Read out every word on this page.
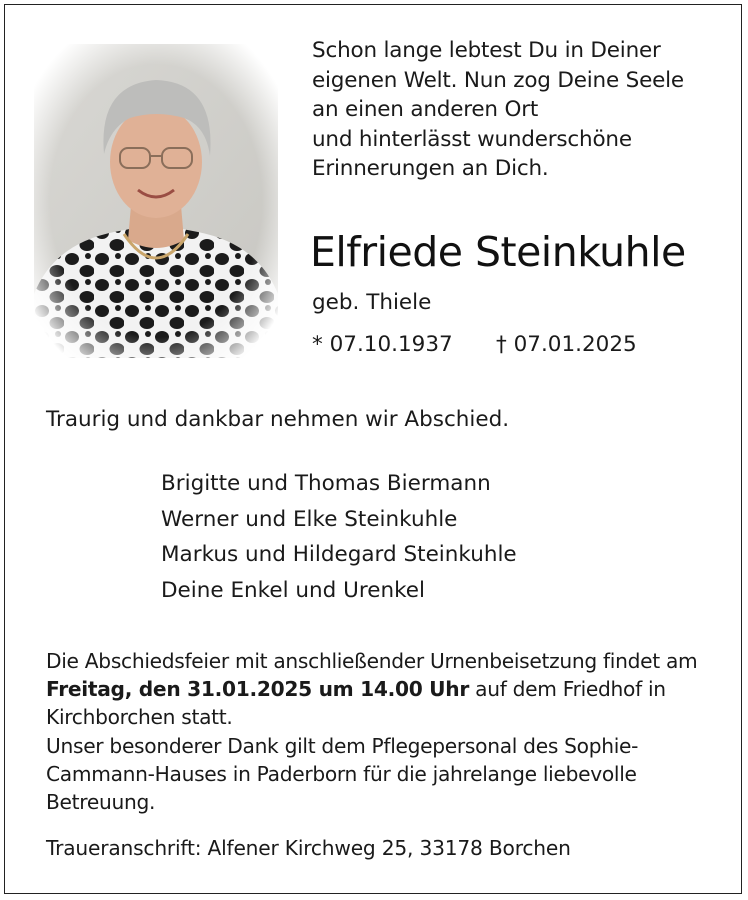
Schon lange lebtest Du in Deiner
eigenen Welt. Nun zog Deine Seele
an einen anderen Ort
und hinterlässt wunderschöne
Erinnerungen an Dich.
Elfriede Steinkuhle
geb. Thiele
* 07.10.1937 † 07.01.2025
Traurig und dankbar nehmen wir Abschied.
Brigitte und Thomas Biermann
Werner und Elke Steinkuhle
Markus und Hildegard Steinkuhle
Deine Enkel und Urenkel

Die Abschiedsfeier mit anschließender Urnenbeisetzung findet am Freitag, den 31.01.2025 um 14.00 Uhr auf dem Friedhof in Kirchborchen statt.

Unser besonderer Dank gilt dem Pflegepersonal des Sophie-Cammann-Hauses in Paderborn für die jahrelange liebevolle Betreuung.

Traueranschrift: Alfener Kirchweg 25, 33178 Borchen
